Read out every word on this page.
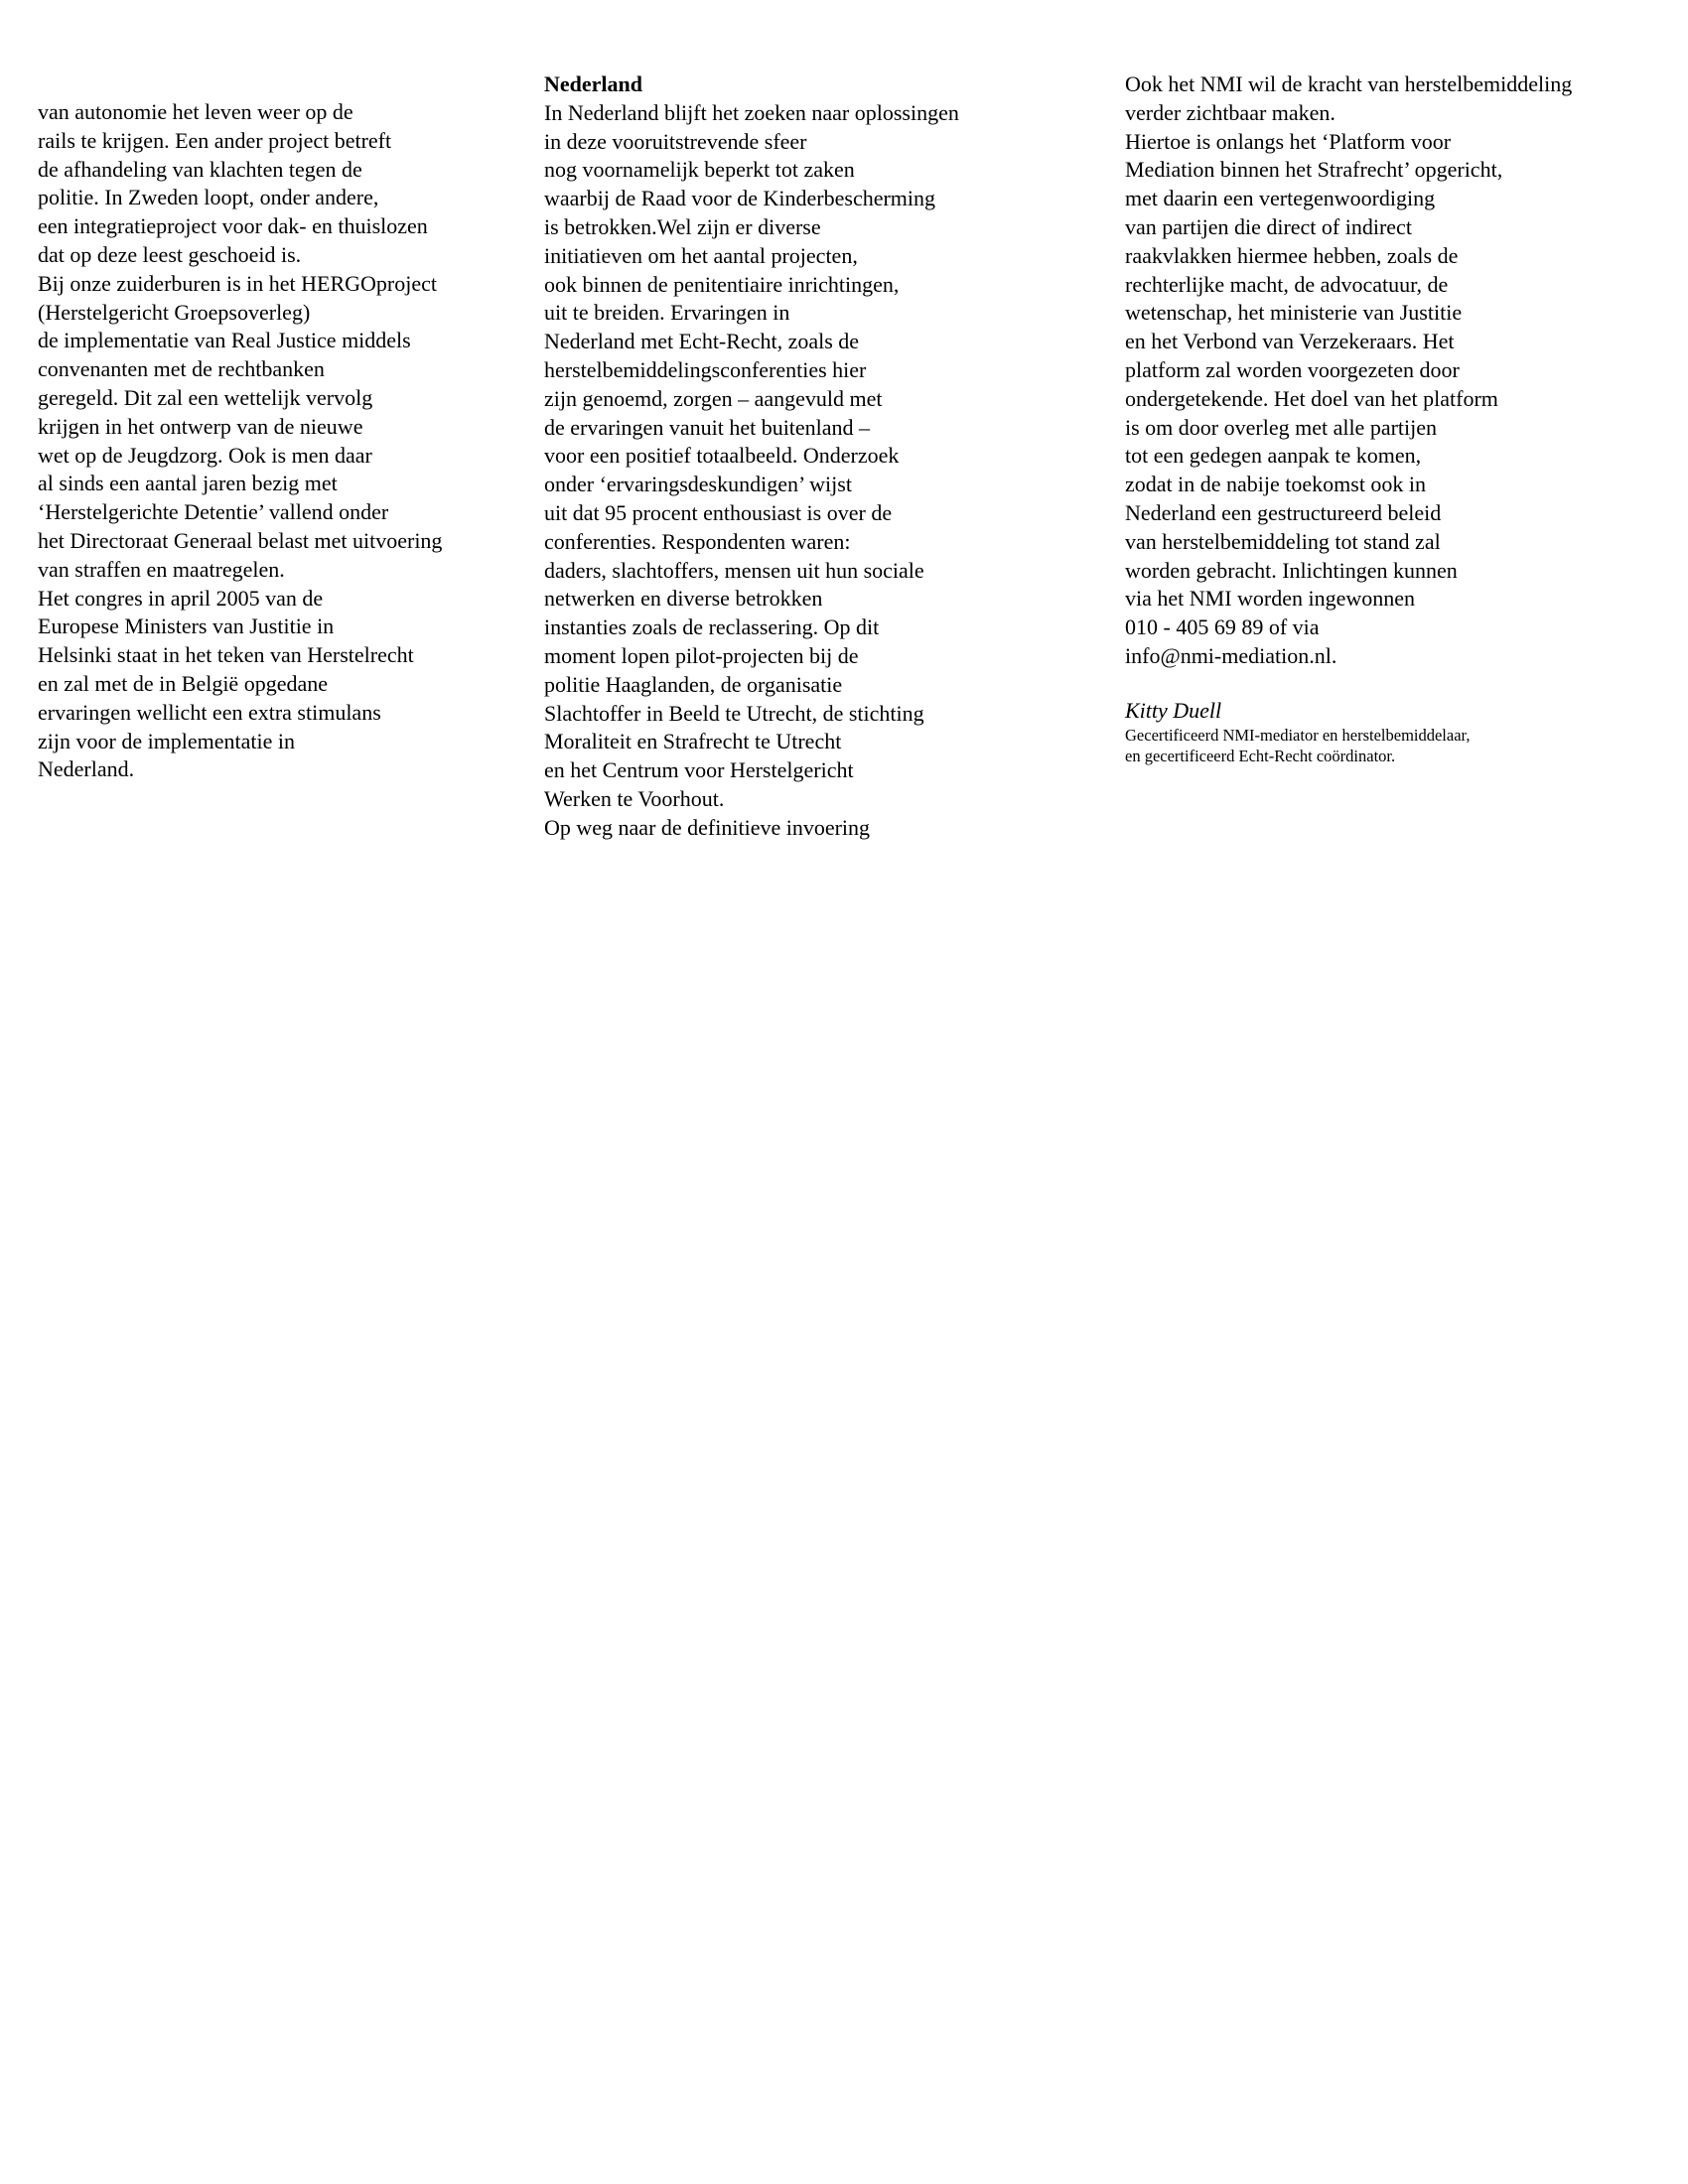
van autonomie het leven weer op de
rails te krijgen. Een ander project betreft
de afhandeling van klachten tegen de
politie. In Zweden loopt, onder andere,
een integratieproject voor dak- en thuislozen
dat op deze leest geschoeid is.
Bij onze zuiderburen is in het HERGOproject
(Herstelgericht Groepsoverleg)
de implementatie van Real Justice middels
convenanten met de rechtbanken
geregeld. Dit zal een wettelijk vervolg
krijgen in het ontwerp van de nieuwe
wet op de Jeugdzorg. Ook is men daar
al sinds een aantal jaren bezig met
‘Herstelgerichte Detentie’ vallend onder
het Directoraat Generaal belast met uitvoering
van straffen en maatregelen.
Het congres in april 2005 van de
Europese Ministers van Justitie in
Helsinki staat in het teken van Herstelrecht
en zal met de in België opgedane
ervaringen wellicht een extra stimulans
zijn voor de implementatie in
Nederland.
Nederland
In Nederland blijft het zoeken naar oplossingen
in deze vooruitstrevende sfeer
nog voornamelijk beperkt tot zaken
waarbij de Raad voor de Kinderbescherming
is betrokken.Wel zijn er diverse
initiatieven om het aantal projecten,
ook binnen de penitentiaire inrichtingen,
uit te breiden. Ervaringen in
Nederland met Echt-Recht, zoals de
herstelbemiddelingsconferenties hier
zijn genoemd, zorgen – aangevuld met
de ervaringen vanuit het buitenland –
voor een positief totaalbeeld. Onderzoek
onder ‘ervaringsdeskundigen’ wijst
uit dat 95 procent enthousiast is over de
conferenties. Respondenten waren:
daders, slachtoffers, mensen uit hun sociale
netwerken en diverse betrokken
instanties zoals de reclassering. Op dit
moment lopen pilot-projecten bij de
politie Haaglanden, de organisatie
Slachtoffer in Beeld te Utrecht, de stichting
Moraliteit en Strafrecht te Utrecht
en het Centrum voor Herstelgericht
Werken te Voorhout.
Op weg naar de definitieve invoering
Ook het NMI wil de kracht van herstelbemiddeling
verder zichtbaar maken.
Hiertoe is onlangs het ‘Platform voor
Mediation binnen het Strafrecht’ opgericht,
met daarin een vertegenwoordiging
van partijen die direct of indirect
raakvlakken hiermee hebben, zoals de
rechterlijke macht, de advocatuur, de
wetenschap, het ministerie van Justitie
en het Verbond van Verzekeraars. Het
platform zal worden voorgezeten door
ondergetekende. Het doel van het platform
is om door overleg met alle partijen
tot een gedegen aanpak te komen,
zodat in de nabije toekomst ook in
Nederland een gestructureerd beleid
van herstelbemiddeling tot stand zal
worden gebracht. Inlichtingen kunnen
via het NMI worden ingewonnen
010 - 405 69 89 of via
info@nmi-mediation.nl.
Kitty Duell
Gecertificeerd NMI-mediator en herstelbemiddelaar,
en gecertificeerd Echt-Recht coördinator.
